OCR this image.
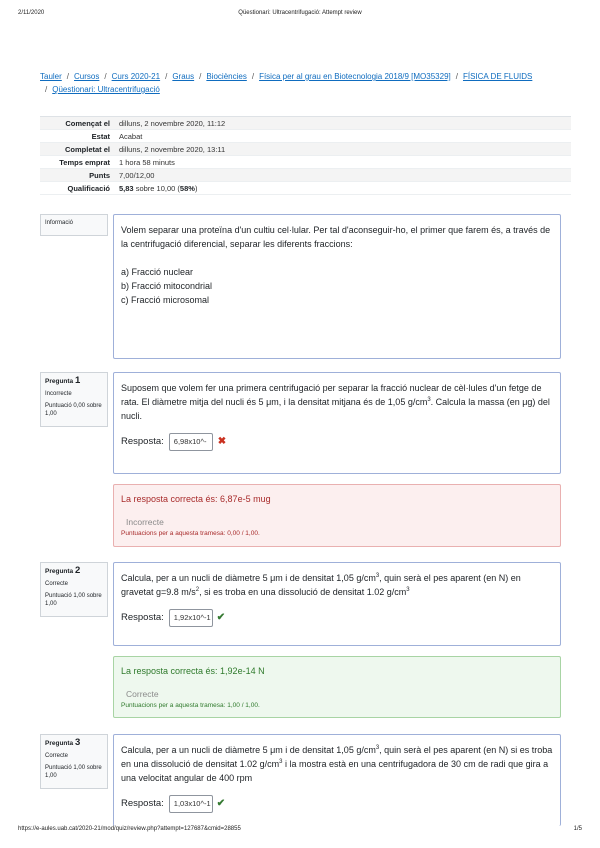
2/11/2020	Qüestionari: Ultracentrifugació: Attempt review
Tauler / Cursos / Curs 2020-21 / Graus / Biociències / Física per al grau en Biotecnologia 2018/9 [MO35329] / FÍSICA DE FLUIDS
/ Qüestionari: Ultracentrifugació
Començat el	dilluns, 2 novembre 2020, 11:12
Estat	Acabat
Completat el	dilluns, 2 novembre 2020, 13:11
Temps emprat	1 hora 58 minuts
Punts	7,00/12,00
Qualificació	5,83 sobre 10,00 (58%)
Informació

Volem separar una proteïna d'un cultiu cel·lular. Per tal d'aconseguir-ho, el primer que farem és, a través de la centrifugació diferencial, separar les diferents fraccions:

a) Fracció nuclear

b) Fracció mitocondrial

c) Fracció microsomal

Pregunta 1
Incorrecte
Puntuació 0,00 sobre 1,00

Suposem que volem fer una primera centrifugació per separar la fracció nuclear de cèl·lules d'un fetge de rata. El diàmetre mitja del nucli és 5 μm, i la densitat mitjana és de 1,05 $g/cm^3$. Calcula la massa (en μg) del nucli.

Resposta:	6,98x10^-	✖
La resposta correcta és: 6,87e-5 mug
Incorrecte
Puntuacions per a aquesta tramesa: 0,00 / 1,00.
Pregunta 2
Correcte
Puntuació 1,00 sobre 1,00

Calcula, per a un nucli de diàmetre 5 μm i de densitat 1,05 $g/cm^3$, quin serà el pes aparent (en N) en gravetat g=9.8 $m/s^2$, si es troba en una dissolució de densitat 1.02 $g/cm^3$

Resposta:	1,92x10^-1 ✔
La resposta correcta és: 1,92e-14 N
Correcte
Puntuacions per a aquesta tramesa: 1,00 / 1,00.
Pregunta 3
Correcte
Puntuació 1,00 sobre 1,00

Calcula, per a un nucli de diàmetre 5 μm i de densitat 1,05 $g/cm^3$, quin serà el pes aparent (en N) si es troba en una dissolució de densitat 1.02 $g/cm^3$ i la mostra està en una centrifugadora de 30 cm de radi que gira a una velocitat angular de 400 rpm

Resposta:	1,03x10^-1 ✔
https://e-aules.uab.cat/2020-21/mod/quiz/review.php?attempt=127687&cmid=28855	1/5
